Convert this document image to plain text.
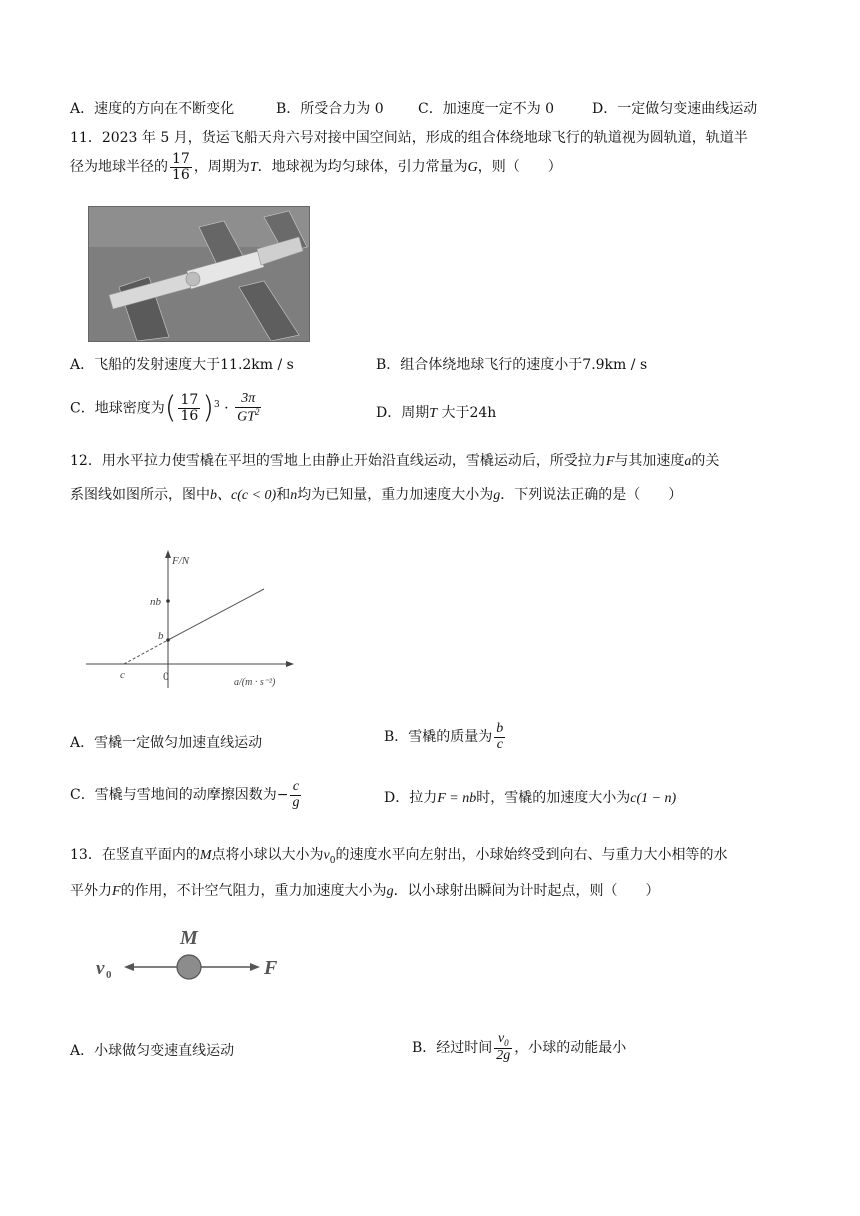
A．速度的方向在不断变化	B．所受合力为 0 C．加速度一定不为 0	D．一定做匀变速曲线运动
11．2023 年 5 月，货运飞船天舟六号对接中国空间站，形成的组合体绕地球飞行的轨道视为圆轨道，轨道半
径为地球半径的 $\frac{17}{16}$ ，周期为T．地球视为均匀球体，引力常量为G，则（　　）
A．飞船的发射速度大于11.2km / s	B．组合体绕地球飞行的速度小于7.9km / s
C．地球密度为( $\frac{17}{16} )^3 \cdot \frac{3\pi}{GT^2}$	D．周期T 大于24h
12．用水平拉力使雪橇在平坦的雪地上由静止开始沿直线运动，雪橇运动后，所受拉力F与其加速度a的关
系图线如图所示，图中b、c(c < 0)和n均为已知量，重力加速度大小为g．下列说法正确的是（　　）
F/N
nb
b
c	0	a/(m · s⁻²)
A．雪橇一定做匀加速直线运动	B．雪橇的质量为 $\frac{b}{c}$
C．雪橇与雪地间的动摩擦因数为− $\frac{c}{g}$	D．拉力F = nb时，雪橇的加速度大小为c(1 − n)
13．在竖直平面内的M点将小球以大小为$v_0$的速度水平向左射出，小球始终受到向右、与重力大小相等的水
平外力F的作用，不计空气阻力，重力加速度大小为g．以小球射出瞬间为计时起点，则（　　）
M
v 0	F
A．小球做匀变速直线运动	B．经过时间 $\frac{v_0}{2g}$ ，小球的动能最小
